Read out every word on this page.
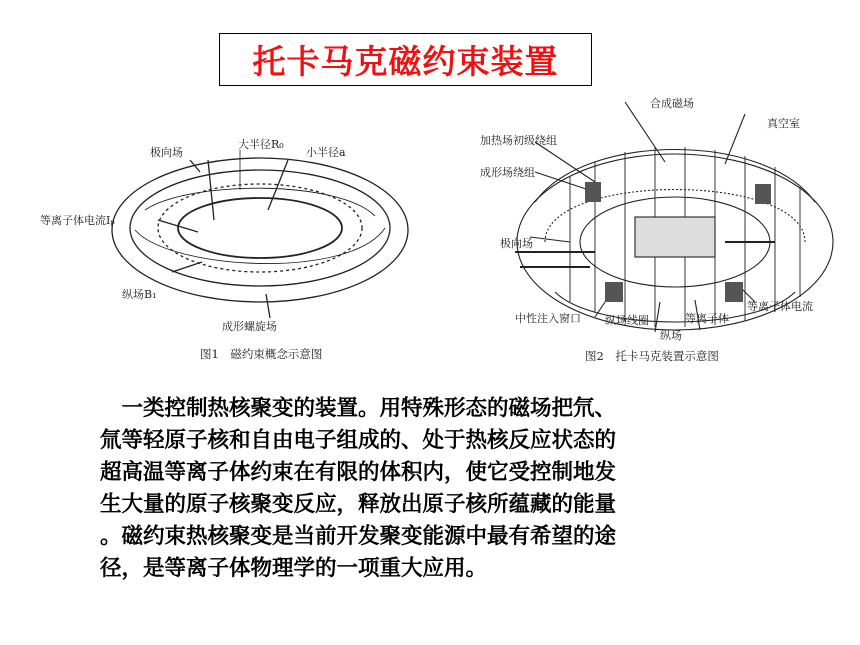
托卡马克磁约束装置
极向场
大半径R₀
小半径a
等离子体电流Iₚ
纵场B₁
成形螺旋场
图1　磁约束概念示意图
合成磁场
真空室
加热场初级绕组
成形场绕组
极向场
中性注入窗口 纵场线圈	等离子体
纵场
等离子体电流
图2　托卡马克装置示意图

　一类控制热核聚变的装置。用特殊形态的磁场把氘、

氚等轻原子核和自由电子组成的、处于热核反应状态的

超高温等离子体约束在有限的体积内，使它受控制地发

生大量的原子核聚变反应，释放出原子核所蕴藏的能量

。磁约束热核聚变是当前开发聚变能源中最有希望的途

径，是等离子体物理学的一项重大应用。
